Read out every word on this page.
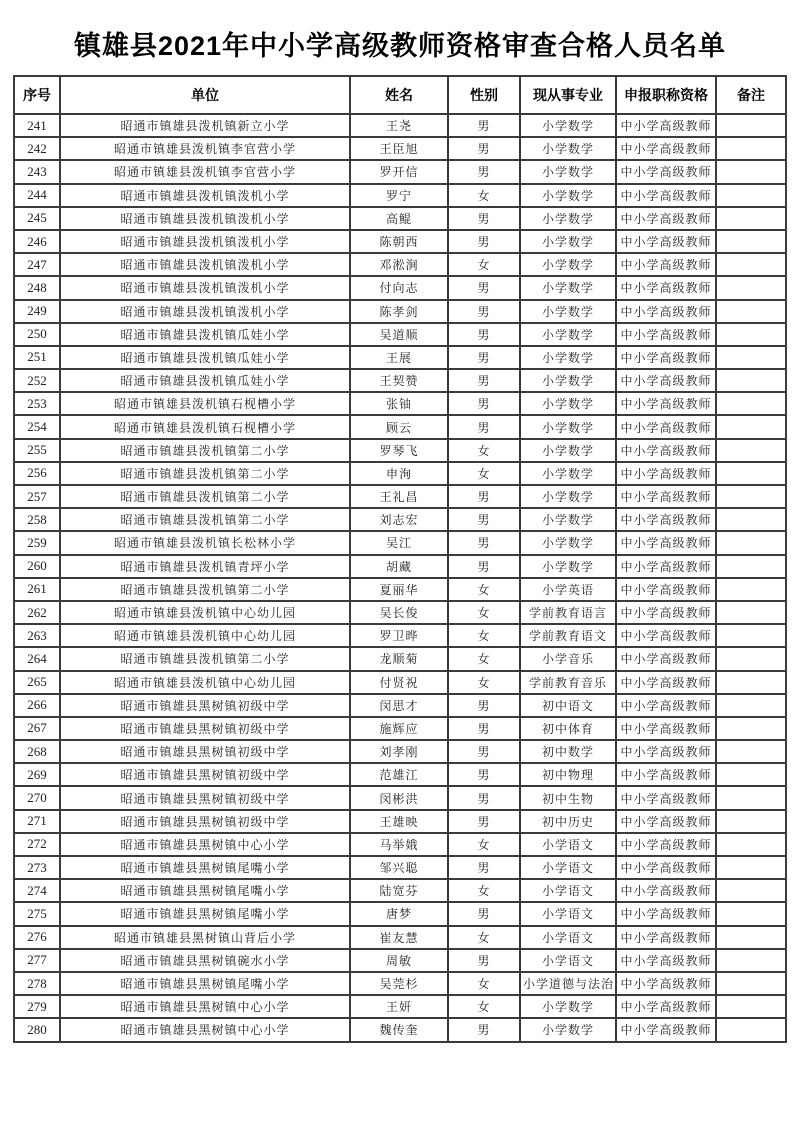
镇雄县2021年中小学高级教师资格审查合格人员名单
序号	单位	姓名	性别	现从事专业	申报职称资格	备注
241	昭通市镇雄县泼机镇新立小学	王尧	男	小学数学	中小学高级教师	
242	昭通市镇雄县泼机镇李官营小学	王臣旭	男	小学数学	中小学高级教师	
243	昭通市镇雄县泼机镇李官营小学	罗开信	男	小学数学	中小学高级教师	
244	昭通市镇雄县泼机镇泼机小学	罗宁	女	小学数学	中小学高级教师	
245	昭通市镇雄县泼机镇泼机小学	高鲲	男	小学数学	中小学高级教师	
246	昭通市镇雄县泼机镇泼机小学	陈朝西	男	小学数学	中小学高级教师	
247	昭通市镇雄县泼机镇泼机小学	邓淞涧	女	小学数学	中小学高级教师	
248	昭通市镇雄县泼机镇泼机小学	付向志	男	小学数学	中小学高级教师	
249	昭通市镇雄县泼机镇泼机小学	陈孝剑	男	小学数学	中小学高级教师	
250	昭通市镇雄县泼机镇瓜娃小学	吴道顺	男	小学数学	中小学高级教师	
251	昭通市镇雄县泼机镇瓜娃小学	王展	男	小学数学	中小学高级教师	
252	昭通市镇雄县泼机镇瓜娃小学	王契赞	男	小学数学	中小学高级教师	
253	昭通市镇雄县泼机镇石枧槽小学	张铀	男	小学数学	中小学高级教师	
254	昭通市镇雄县泼机镇石枧槽小学	顾云	男	小学数学	中小学高级教师	
255	昭通市镇雄县泼机镇第二小学	罗琴飞	女	小学数学	中小学高级教师	
256	昭通市镇雄县泼机镇第二小学	申洵	女	小学数学	中小学高级教师	
257	昭通市镇雄县泼机镇第二小学	王礼昌	男	小学数学	中小学高级教师	
258	昭通市镇雄县泼机镇第二小学	刘志宏	男	小学数学	中小学高级教师	
259	昭通市镇雄县泼机镇长松林小学	吴江	男	小学数学	中小学高级教师	
260	昭通市镇雄县泼机镇青坪小学	胡藏	男	小学数学	中小学高级教师	
261	昭通市镇雄县泼机镇第二小学	夏丽华	女	小学英语	中小学高级教师	
262	昭通市镇雄县泼机镇中心幼儿园	吴长俊	女	学前教育语言	中小学高级教师	
263	昭通市镇雄县泼机镇中心幼儿园	罗卫晔	女	学前教育语文	中小学高级教师	
264	昭通市镇雄县泼机镇第二小学	龙顺菊	女	小学音乐	中小学高级教师	
265	昭通市镇雄县泼机镇中心幼儿园	付贤祝	女	学前教育音乐	中小学高级教师	
266	昭通市镇雄县黑树镇初级中学	闵思才	男	初中语文	中小学高级教师	
267	昭通市镇雄县黑树镇初级中学	施辉应	男	初中体育	中小学高级教师	
268	昭通市镇雄县黑树镇初级中学	刘孝刚	男	初中数学	中小学高级教师	
269	昭通市镇雄县黑树镇初级中学	范雄江	男	初中物理	中小学高级教师	
270	昭通市镇雄县黑树镇初级中学	闵彬洪	男	初中生物	中小学高级教师	
271	昭通市镇雄县黑树镇初级中学	王雄映	男	初中历史	中小学高级教师	
272	昭通市镇雄县黑树镇中心小学	马举娥	女	小学语文	中小学高级教师	
273	昭通市镇雄县黑树镇尾嘴小学	邹兴聪	男	小学语文	中小学高级教师	
274	昭通市镇雄县黑树镇尾嘴小学	陆宽芬	女	小学语文	中小学高级教师	
275	昭通市镇雄县黑树镇尾嘴小学	唐梦	男	小学语文	中小学高级教师	
276	昭通市镇雄县黑树镇山背后小学	崔友慧	女	小学语文	中小学高级教师	
277	昭通市镇雄县黑树镇碗水小学	周敏	男	小学语文	中小学高级教师	
278	昭通市镇雄县黑树镇尾嘴小学	吴莞杉	女	小学道德与法治	中小学高级教师	
279	昭通市镇雄县黑树镇中心小学	王妍	女	小学数学	中小学高级教师	
280	昭通市镇雄县黑树镇中心小学	魏传奎	男	小学数学	中小学高级教师	
